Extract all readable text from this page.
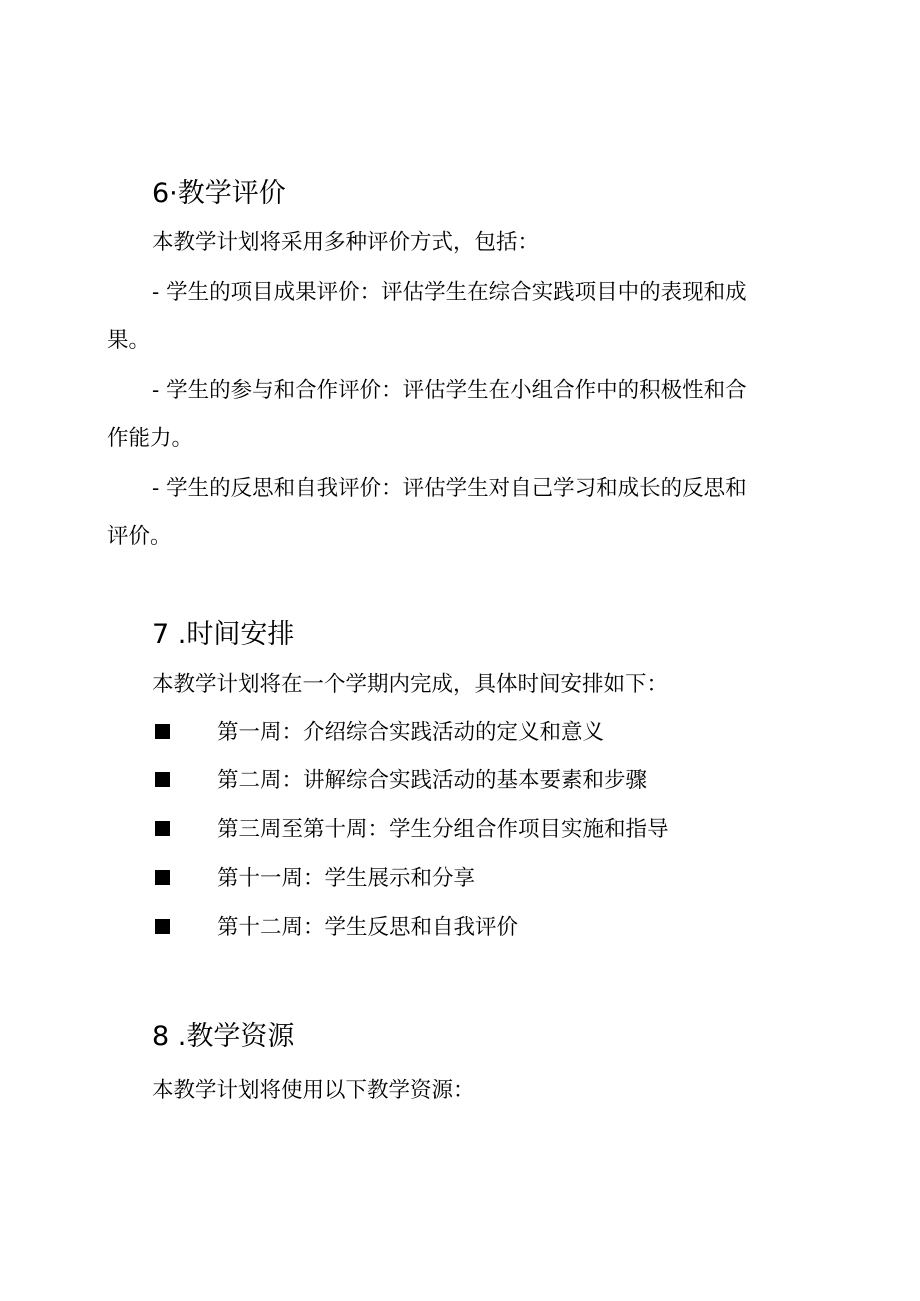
6·教学评价

本教学计划将采用多种评价方式，包括：

- 学生的项目成果评价：评估学生在综合实践项目中的表现和成

果。

- 学生的参与和合作评价：评估学生在小组合作中的积极性和合

作能力。

- 学生的反思和自我评价：评估学生对自己学习和成长的反思和

评价。

7 .时间安排

本教学计划将在一个学期内完成，具体时间安排如下：

第一周：介绍综合实践活动的定义和意义
第二周：讲解综合实践活动的基本要素和步骤
第三周至第十周：学生分组合作项目实施和指导
第十一周：学生展示和分享
第十二周：学生反思和自我评价
8 .教学资源

本教学计划将使用以下教学资源：
